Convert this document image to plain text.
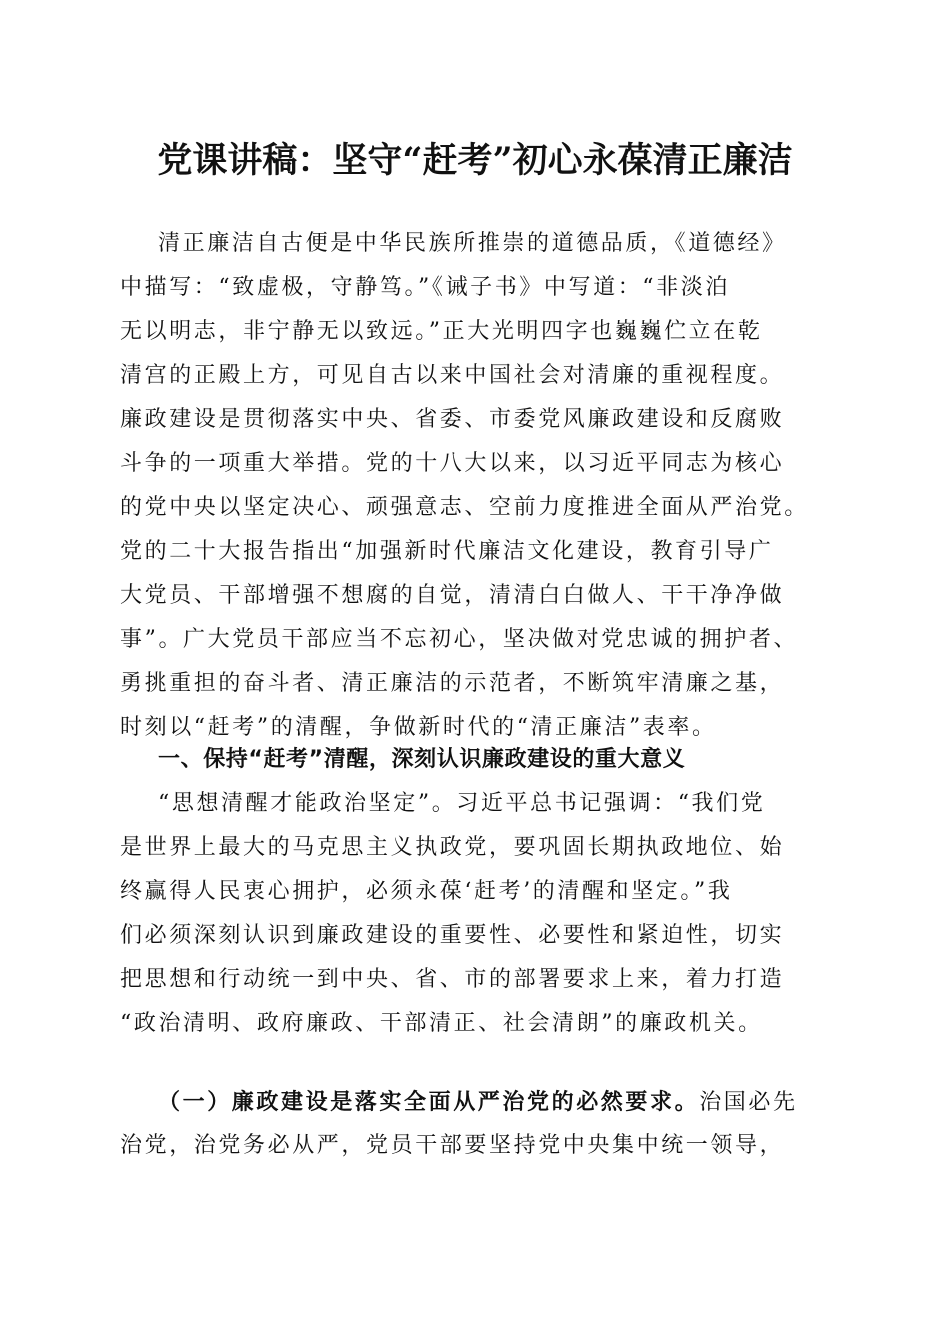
党课讲稿：坚守“赶考”初心永葆清正廉洁
清正廉洁自古便是中华民族所推崇的道德品质，《道德经》
中描写：“致虚极，守静笃。”《诫子书》中写道：“非淡泊
无以明志，非宁静无以致远。”正大光明四字也巍巍伫立在乾
清宫的正殿上方，可见自古以来中国社会对清廉的重视程度。
廉政建设是贯彻落实中央、省委、市委党风廉政建设和反腐败
斗争的一项重大举措。党的十八大以来，以习近平同志为核心
的党中央以坚定决心、顽强意志、空前力度推进全面从严治党。
党的二十大报告指出“加强新时代廉洁文化建设，教育引导广
大党员、干部增强不想腐的自觉，清清白白做人、干干净净做
事”。广大党员干部应当不忘初心，坚决做对党忠诚的拥护者、
勇挑重担的奋斗者、清正廉洁的示范者，不断筑牢清廉之基，
时刻以“赶考”的清醒，争做新时代的“清正廉洁”表率。
一、保持“赶考”清醒，深刻认识廉政建设的重大意义
“思想清醒才能政治坚定”。习近平总书记强调：“我们党
是世界上最大的马克思主义执政党，要巩固长期执政地位、始
终赢得人民衷心拥护，必须永葆‘赶考’的清醒和坚定。”我
们必须深刻认识到廉政建设的重要性、必要性和紧迫性，切实
把思想和行动统一到中央、省、市的部署要求上来，着力打造
“政治清明、政府廉政、干部清正、社会清朗”的廉政机关。
（一）廉政建设是落实全面从严治党的必然要求。治国必先
治党，治党务必从严，党员干部要坚持党中央集中统一领导，
